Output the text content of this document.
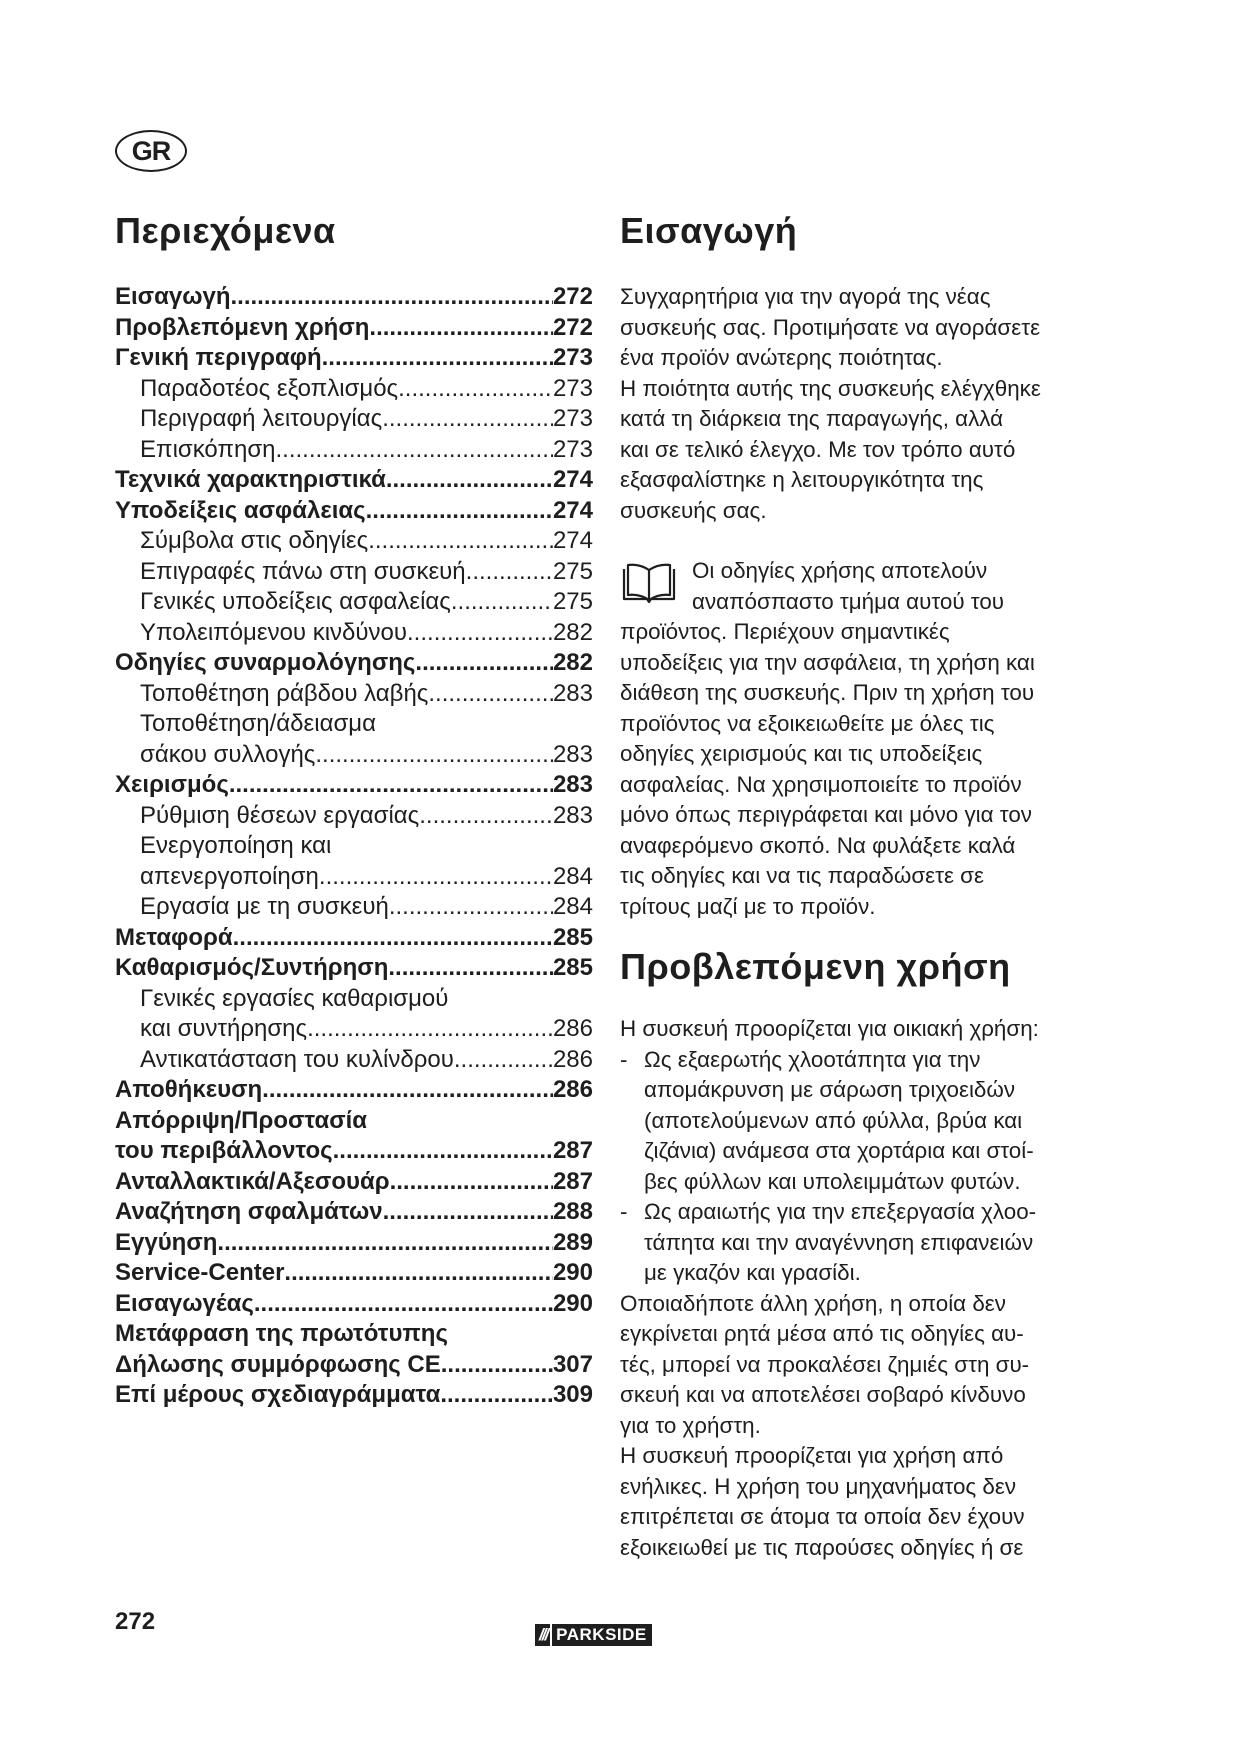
GR
Περιεχόμενα
Εισαγωγή .....	272
Προβλεπόμενη χρήση .....	272
Γενική περιγραφή .....	273
Παραδοτέος εξοπλισμός .....	273
Περιγραφή λειτουργίας .....	273
Επισκόπηση .....	273
Τεχνικά χαρακτηριστικά .....	274
Υποδείξεις ασφάλειας .....	274
Σύμβολα στις οδηγίες .....	274
Επιγραφές πάνω στη συσκευή .....	275
Γενικές υποδείξεις ασφαλείας .....	275
Υπολειπόμενου κινδύνου .....	282
Οδηγίες συναρμολόγησης .....	282
Τοποθέτηση ράβδου λαβής .....	283
Τοποθέτηση/άδειασμα
σάκου συλλογής .....	283
Χειρισμός .....	283
Ρύθμιση θέσεων εργασίας .....	283
Ενεργοποίηση και
απενεργοποίηση .....	284
Εργασία με τη συσκευή .....	284
Μεταφορά .....	285
Καθαρισμός/Συντήρηση .....	285
Γενικές εργασίες καθαρισμού
και συντήρησης .....	286
Αντικατάσταση του κυλίνδρου .....	286
Αποθήκευση .....	286
Απόρριψη/Προστασία
του περιβάλλοντος .....	287
Ανταλλακτικά/Αξεσουάρ .....	287
Αναζήτηση σφαλμάτων .....	288
Εγγύηση .....	289
Service-Center .....	290
Εισαγωγέας .....	290
Μετάφραση της πρωτότυπης
Δήλωσης συμμόρφωσης CE .....	307
Επί μέρους σχεδιαγράμματα .....	309
Εισαγωγή
Συγχαρητήρια για την αγορά της νέας
συσκευής σας. Προτιμήσατε να αγοράσετε
ένα προϊόν ανώτερης ποιότητας.
Η ποιότητα αυτής της συσκευής ελέγχθηκε
κατά τη διάρκεια της παραγωγής, αλλά
και σε τελικό έλεγχο. Με τον τρόπο αυτό
εξασφαλίστηκε η λειτουργικότητα της
συσκευής σας.
Οι οδηγίες χρήσης αποτελούν
αναπόσπαστο τμήμα αυτού του
προϊόντος. Περιέχουν σημαντικές
υποδείξεις για την ασφάλεια, τη χρήση και
διάθεση της συσκευής. Πριν τη χρήση του
προϊόντος να εξοικειωθείτε με όλες τις
οδηγίες χειρισμούς και τις υποδείξεις
ασφαλείας. Να χρησιμοποιείτε το προϊόν
μόνο όπως περιγράφεται και μόνο για τον
αναφερόμενο σκοπό. Να φυλάξετε καλά
τις οδηγίες και να τις παραδώσετε σε
τρίτους μαζί με το προϊόν.
Προβλεπόμενη χρήση

Η συσκευή προορίζεται για οικιακή χρήση:

- Ως εξαερωτής χλοοτάπητα για την
απομάκρυνση με σάρωση τριχοειδών
(αποτελούμενων από φύλλα, βρύα και
ζιζάνια) ανάμεσα στα χορτάρια και στοί-
βες φύλλων και υπολειμμάτων φυτών.
- Ως αραιωτής για την επεξεργασία χλοο-
τάπητα και την αναγέννηση επιφανειών
με γκαζόν και γρασίδι.
Οποιαδήποτε άλλη χρήση, η οποία δεν
εγκρίνεται ρητά μέσα από τις οδηγίες αυ-
τές, μπορεί να προκαλέσει ζημιές στη συ-
σκευή και να αποτελέσει σοβαρό κίνδυνο
για το χρήστη.
Η συσκευή προορίζεται για χρήση από
ενήλικες. Η χρήση του μηχανήματος δεν
επιτρέπεται σε άτομα τα οποία δεν έχουν
εξοικειωθεί με τις παρούσες οδηγίες ή σε
272	/// PARKSIDE
